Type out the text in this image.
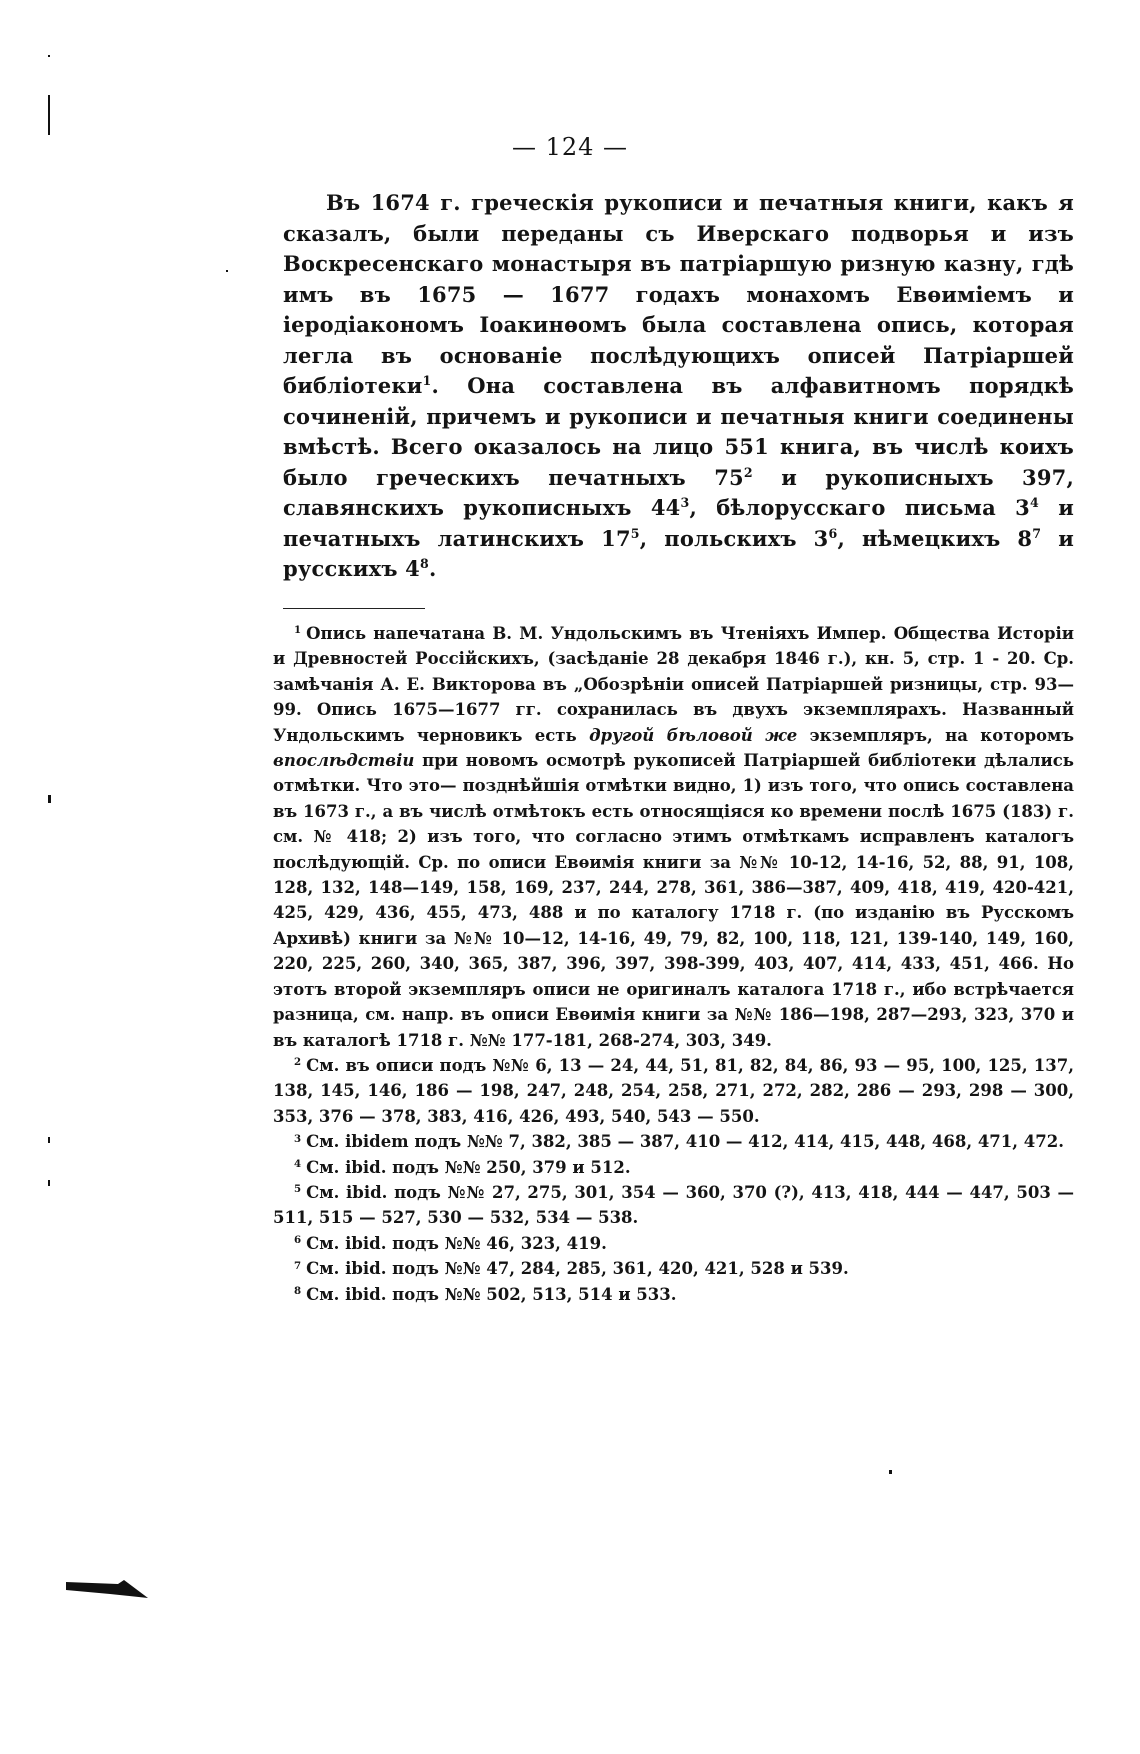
— 124 —

Въ 1674 г. греческія рукописи и печатныя книги, какъ я сказалъ, были переданы съ Иверскаго подворья и изъ Воскресенскаго монастыря въ патріаршую ризную казну, гдѣ имъ въ 1675 — 1677 годахъ монахомъ Евѳиміемъ и іеродіакономъ Іоакинѳомъ была составлена опись, которая легла въ основаніе послѣдующихъ описей Патріаршей библіотеки$^1$. Она составлена въ алфавитномъ порядкѣ сочиненій, причемъ и рукописи и печатныя книги соединены вмѣстѣ. Всего оказалось на лицо 551 книга, въ числѣ коихъ было греческихъ печатныхъ $75^2$ и рукописныхъ 397, славянскихъ рукописныхъ $44^3$, бѣлорусскаго письма $3^4$ и печатныхъ латинскихъ $17^5$, польскихъ $3^6$, нѣмецкихъ $8^7$ и русскихъ $4^8$.

$^1$ Опись напечатана В. М. Ундольскимъ въ Чтеніяхъ Импер. Общества Исторіи и Древностей Россійскихъ, (засѣданіе 28 декабря 1846 г.), кн. 5, стр. 1 - 20. Ср. замѣчанія А. Е. Викторова въ „Обозрѣніи описей Патріаршей ризницы, стр. 93—99. Опись 1675—1677 гг. сохранилась въ двухъ экземплярахъ. Названный Ундольскимъ черновикъ есть другой бѣловой же экземпляръ, на которомъ впослѣдствіи при новомъ осмотрѣ рукописей Патріаршей библіотеки дѣлались отмѣтки. Что это— позднѣйшія отмѣтки видно, 1) изъ того, что опись составлена въ 1673 г., а въ числѣ отмѣтокъ есть относящіяся ко времени послѣ 1675 (183) г. см. № 418; 2) изъ того, что согласно этимъ отмѣткамъ исправленъ каталогъ послѣдующій. Ср. по описи Евѳимія книги за №№ 10-12, 14-16, 52, 88, 91, 108, 128, 132, 148—149, 158, 169, 237, 244, 278, 361, 386—387, 409, 418, 419, 420-421, 425, 429, 436, 455, 473, 488 и по каталогу 1718 г. (по изданію въ Русскомъ Архивѣ) книги за №№ 10—12, 14-16, 49, 79, 82, 100, 118, 121, 139-140, 149, 160, 220, 225, 260, 340, 365, 387, 396, 397, 398-399, 403, 407, 414, 433, 451, 466. Но этотъ второй экземпляръ описи не оригиналъ каталога 1718 г., ибо встрѣчается разница, см. напр. въ описи Евѳимія книги за №№ 186—198, 287—293, 323, 370 и въ каталогѣ 1718 г. №№ 177-181, 268-274, 303, 349.

$^2$ См. въ описи подъ №№ 6, 13 — 24, 44, 51, 81, 82, 84, 86, 93 — 95, 100, 125, 137, 138, 145, 146, 186 — 198, 247, 248, 254, 258, 271, 272, 282, 286 — 293, 298 — 300, 353, 376 — 378, 383, 416, 426, 493, 540, 543 — 550.

$^3$ См. ibidem подъ №№ 7, 382, 385 — 387, 410 — 412, 414, 415, 448, 468, 471, 472.

$^4$ См. ibid. подъ №№ 250, 379 и 512.

$^5$ См. ibid. подъ №№ 27, 275, 301, 354 — 360, 370 (?), 413, 418, 444 — 447, 503 — 511, 515 — 527, 530 — 532, 534 — 538.

$^6$ См. ibid. подъ №№ 46, 323, 419.

$^7$ См. ibid. подъ №№ 47, 284, 285, 361, 420, 421, 528 и 539.

$^8$ См. ibid. подъ №№ 502, 513, 514 и 533.
